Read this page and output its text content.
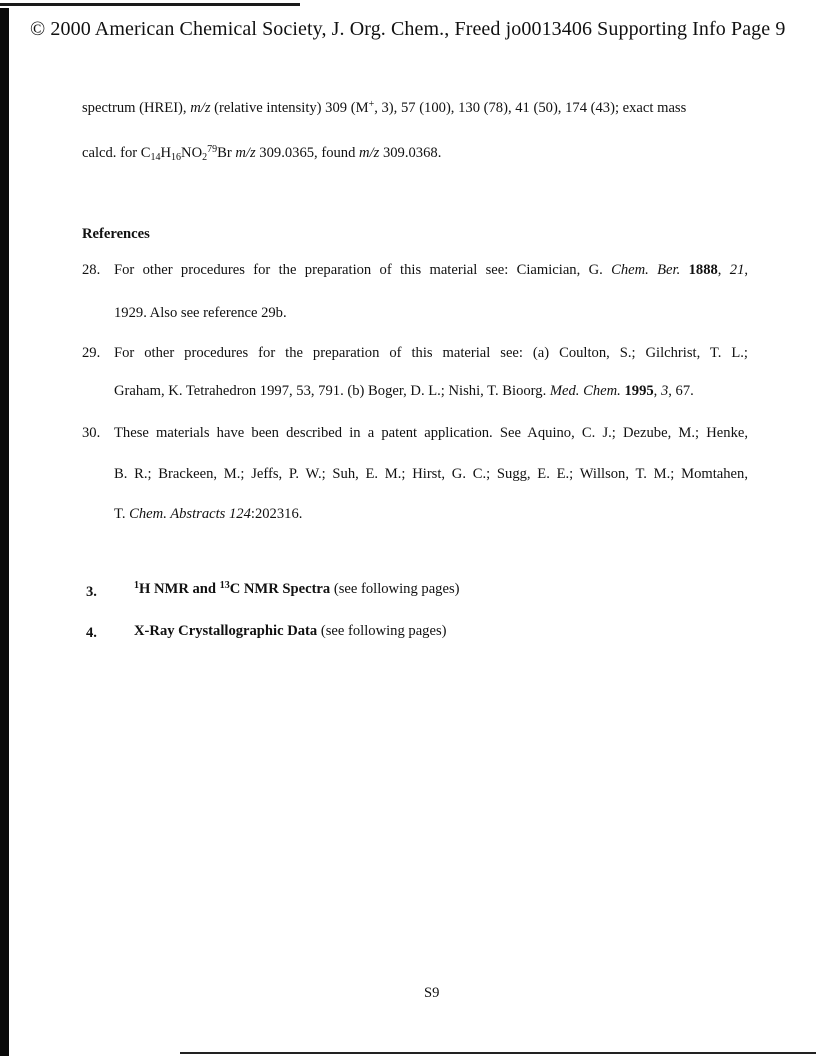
© 2000 American Chemical Society, J. Org. Chem., Freed jo0013406 Supporting Info Page 9
spectrum (HREI), m/z (relative intensity) 309 (M+, 3), 57 (100), 130 (78), 41 (50), 174 (43); exact mass
calcd. for $C_{14}H_{16}NO_2^{79}Br$ m/z 309.0365, found m/z 309.0368.
References
28. For other procedures for the preparation of this material see: Ciamician, G. Chem. Ber. 1888, 21,
1929. Also see reference 29b.
29. For other procedures for the preparation of this material see: (a) Coulton, S.; Gilchrist, T. L.;
Graham, K. Tetrahedron 1997, 53, 791. (b) Boger, D. L.; Nishi, T. Bioorg. Med. Chem. 1995, 3, 67.
30. These materials have been described in a patent application. See Aquino, C. J.; Dezube, M.; Henke,
B. R.; Brackeen, M.; Jeffs, P. W.; Suh, E. M.; Hirst, G. C.; Sugg, E. E.; Willson, T. M.; Momtahen,
T. Chem. Abstracts 124:202316.
3.	$^1$H NMR and $^{13}$C NMR Spectra (see following pages)
4.	X-Ray Crystallographic Data (see following pages)
S9
